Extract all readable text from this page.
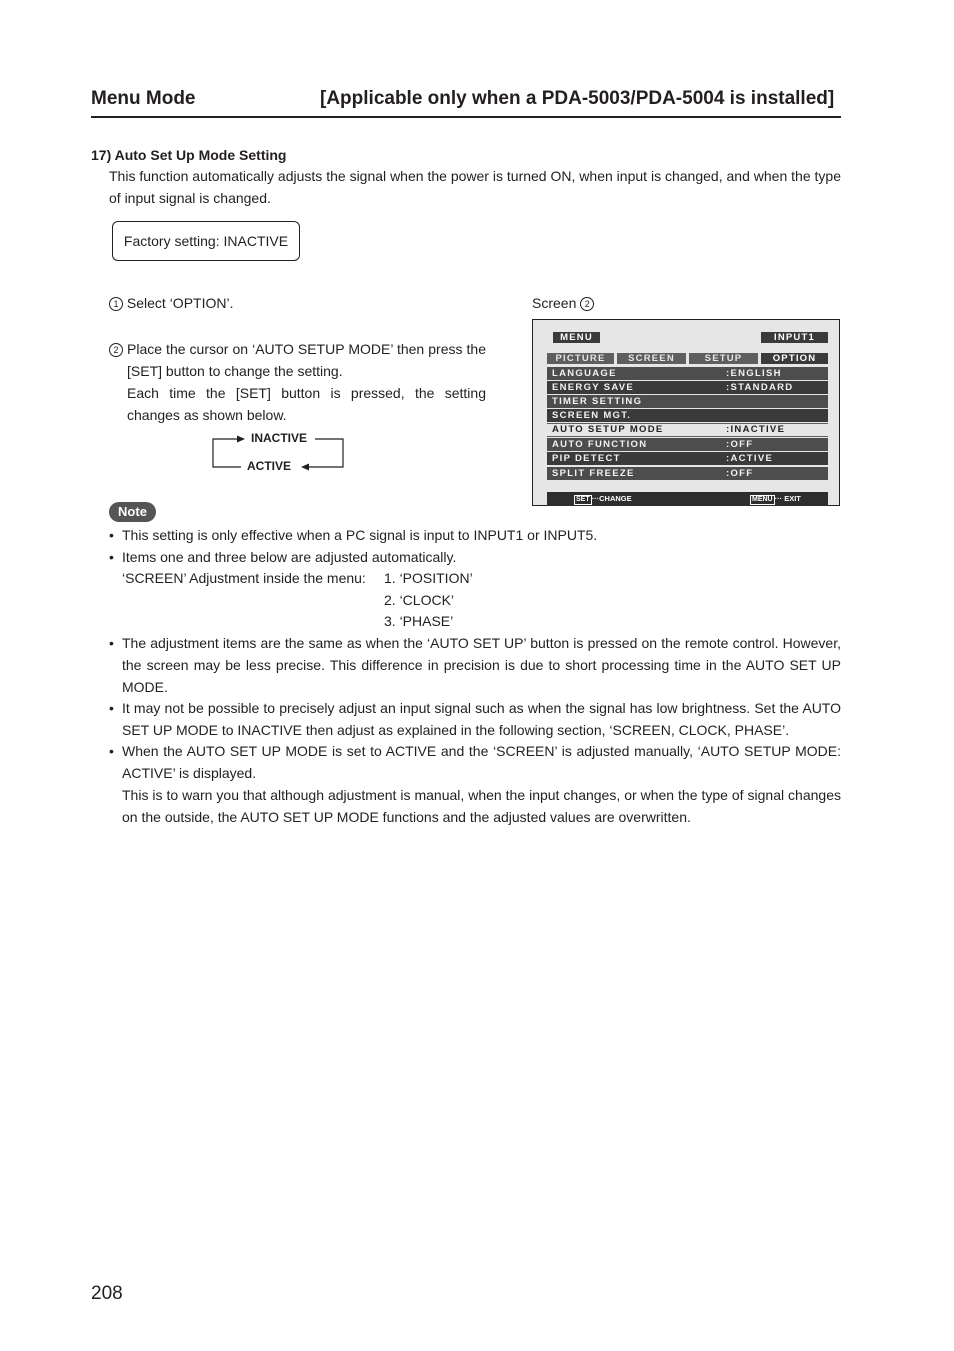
Menu Mode	[Applicable only when a PDA-5003/PDA-5004 is installed]
17) Auto Set Up Mode Setting
This function automatically adjusts the signal when the power is turned ON, when input is changed, and when the type of input signal is changed.
Factory setting: INACTIVE
1 Select ‘OPTION’.
2 Place the cursor on ‘AUTO SETUP MODE’ then press the [SET] button to change the setting.
Each time the [SET] button is pressed, the setting changes as shown below.
INACTIVE
ACTIVE
Screen 2
MENU	INPUT1
PICTURE	SCREEN	SETUP	OPTION
LANGUAGE	:ENGLISH
ENERGY SAVE	:STANDARD
TIMER SETTING
SCREEN MGT.
AUTO SETUP MODE	:INACTIVE
AUTO FUNCTION	:OFF
PIP DETECT	:ACTIVE
SPLIT FREEZE	:OFF
SET ···CHANGE	MENU ··· EXIT
Note
• This setting is only effective when a PC signal is input to INPUT1 or INPUT5.
• Items one and three below are adjusted automatically.
‘SCREEN’ Adjustment inside the menu: 1. ‘POSITION’
2. ‘CLOCK’
3. ‘PHASE’
• The adjustment items are the same as when the ‘AUTO SET UP’ button is pressed on the remote control. However, the screen may be less precise. This difference in precision is due to short processing time in the AUTO SET UP MODE.
• It may not be possible to precisely adjust an input signal such as when the signal has low brightness. Set the AUTO SET UP MODE to INACTIVE then adjust as explained in the following section, ‘SCREEN, CLOCK, PHASE’.
• When the AUTO SET UP MODE is set to ACTIVE and the ‘SCREEN’ is adjusted manually, ‘AUTO SETUP MODE: ACTIVE’ is displayed.
This is to warn you that although adjustment is manual, when the input changes, or when the type of signal changes on the outside, the AUTO SET UP MODE functions and the adjusted values are overwritten.
208
